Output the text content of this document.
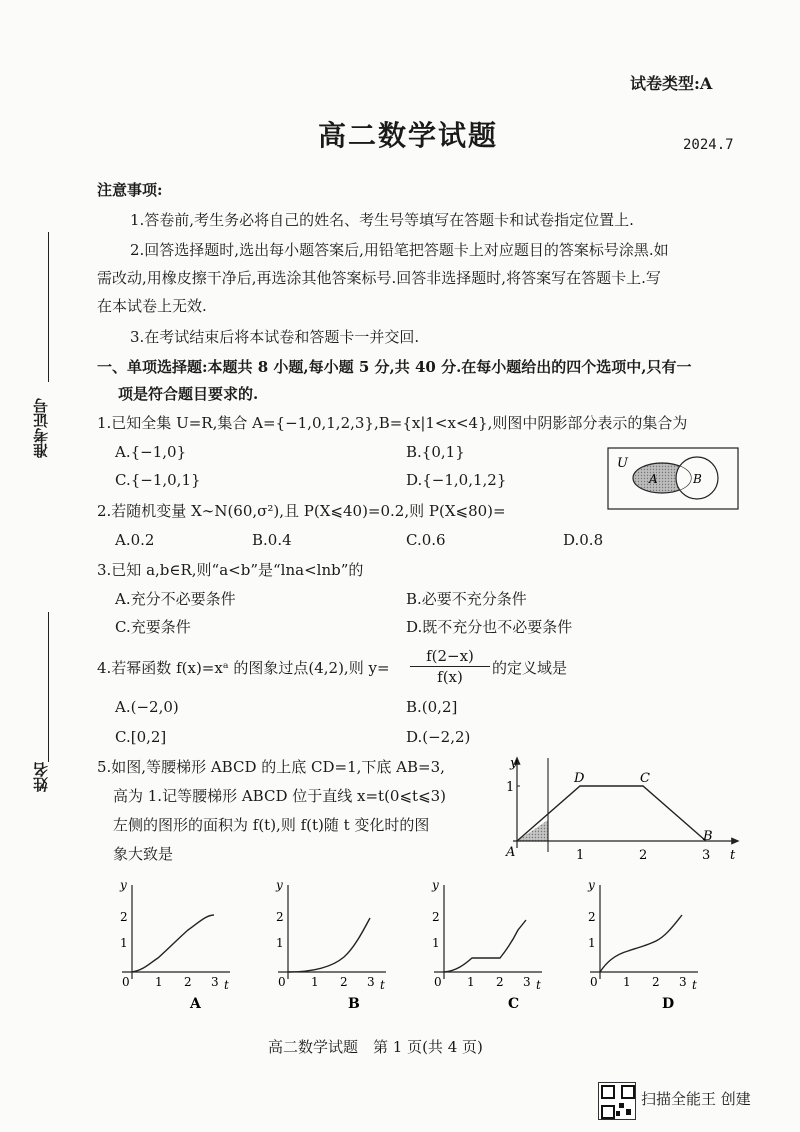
试卷类型:A
高二数学试题	2024.7
准考证号
姓名
注意事项:
1.答卷前,考生务必将自己的姓名、考生号等填写在答题卡和试卷指定位置上.
2.回答选择题时,选出每小题答案后,用铅笔把答题卡上对应题目的答案标号涂黑.如
需改动,用橡皮擦干净后,再选涂其他答案标号.回答非选择题时,将答案写在答题卡上.写
在本试卷上无效.
3.在考试结束后将本试卷和答题卡一并交回.
一、单项选择题:本题共 8 小题,每小题 5 分,共 40 分.在每小题给出的四个选项中,只有一
项是符合题目要求的.
1.已知全集 U=R,集合 A={−1,0,1,2,3},B={x|1<x<4},则图中阴影部分表示的集合为
A.{−1,0}	B.{0,1}
C.{−1,0,1}	D.{−1,0,1,2}
U
A	B
2.若随机变量 X∼N(60,σ²),且 P(X⩽40)=0.2,则 P(X⩽80)=
A.0.2	B.0.4	C.0.6	D.0.8
3.已知 a,b∈R,则“a<b”是“lna<lnb”的
A.充分不必要条件	B.必要不充分条件
C.充要条件	D.既不充分也不必要条件
4.若幂函数 f(x)=xᵃ 的图象过点(4,2),则 $y= \frac{f(2-x)}{f(x)}$ 的定义域是
A.(−2,0)	B.(0,2]
C.[0,2]	D.(−2,2)
5.如图,等腰梯形 ABCD 的上底 CD=1,下底 AB=3,
高为 1.记等腰梯形 ABCD 位于直线 x=t(0⩽t⩽3)
左侧的图形的面积为 f(t),则 f(t)随 t 变化时的图
象大致是
y
1
t
1	2	3
A
B
C
D
y
1
2
0 1 2 3 t
A
y
1
2
0 1 2 3 t
B
y
1
2
0 1 2 3 t
C
y
1
2
0 1 2 3 t
D
高二数学试题　第 1 页(共 4 页)
扫描全能王 创建
